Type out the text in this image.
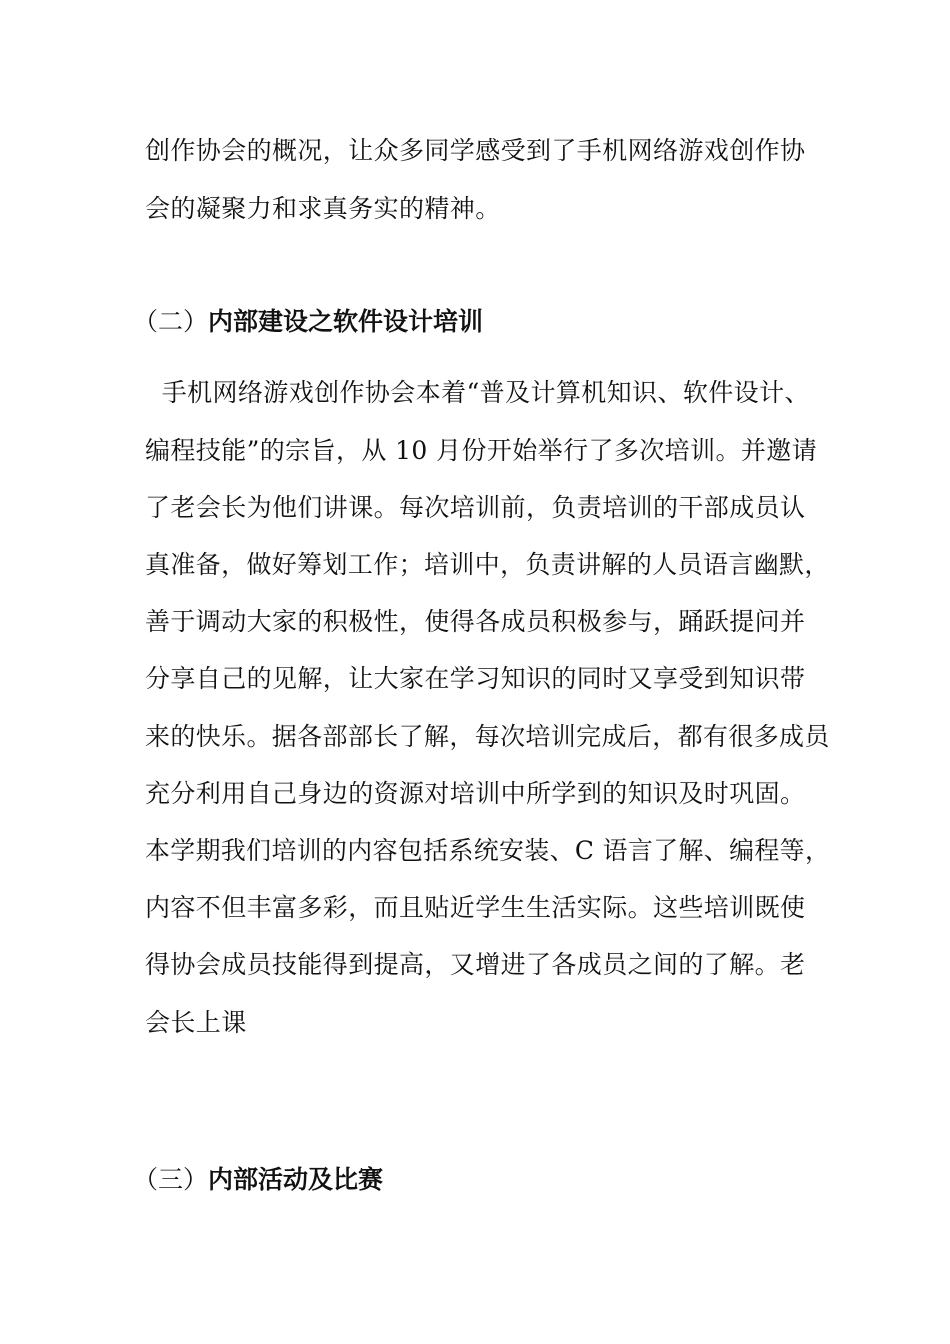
创作协会的概况，让众多同学感受到了手机网络游戏创作协
会的凝聚力和求真务实的精神。
（二）内部建设之软件设计培训
手机网络游戏创作协会本着“普及计算机知识、软件设计、
编程技能”的宗旨，从 10 月份开始举行了多次培训。并邀请
了老会长为他们讲课。每次培训前，负责培训的干部成员认
真准备，做好筹划工作；培训中，负责讲解的人员语言幽默，
善于调动大家的积极性，使得各成员积极参与，踊跃提问并
分享自己的见解，让大家在学习知识的同时又享受到知识带
来的快乐。据各部部长了解，每次培训完成后，都有很多成员
充分利用自己身边的资源对培训中所学到的知识及时巩固。
本学期我们培训的内容包括系统安装、C 语言了解、编程等，
内容不但丰富多彩，而且贴近学生生活实际。这些培训既使
得协会成员技能得到提高，又增进了各成员之间的了解。老
会长上课
（三）内部活动及比赛
